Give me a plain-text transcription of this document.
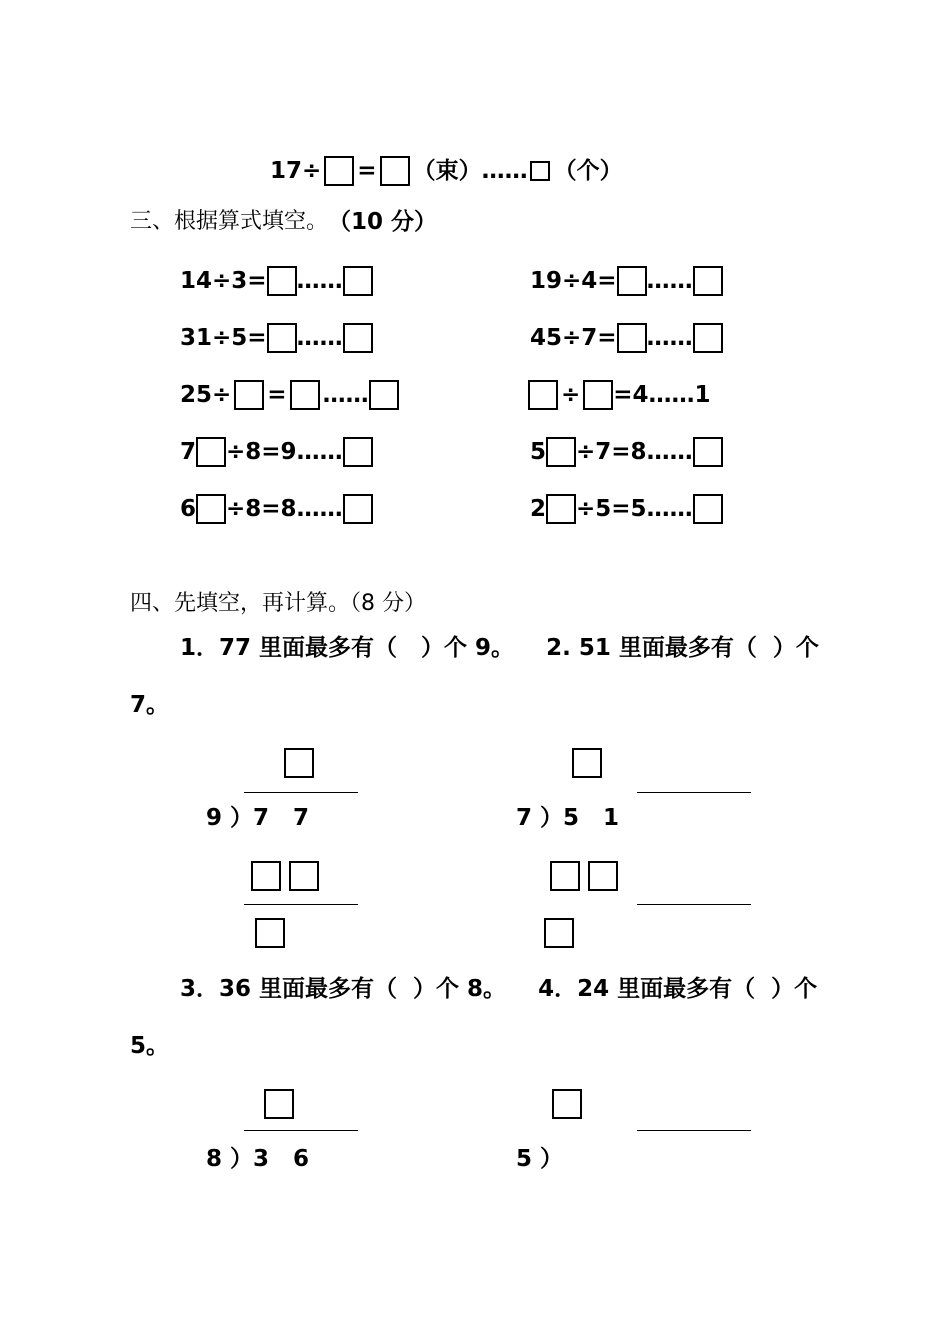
17÷ = （束） …… （个）
三、根据算式填空。 （10 分）
14÷3= ……	19÷4= ……
31÷5= ……	45÷7= ……
25÷ = ……	÷ =4……1
7 ÷8=9……	5 ÷7=8……
6 ÷8=8……	2 ÷5=5……
四、先填空，再计算。（8 分）
1．77 里面最多有（   ）个 9。    2. 51 里面最多有（  ）个
7。
9 ）7   7	7 ）5   1
3．36 里面最多有（  ）个 8。    4．24 里面最多有（  ）个
5。
8 ）3   6	5 ）
